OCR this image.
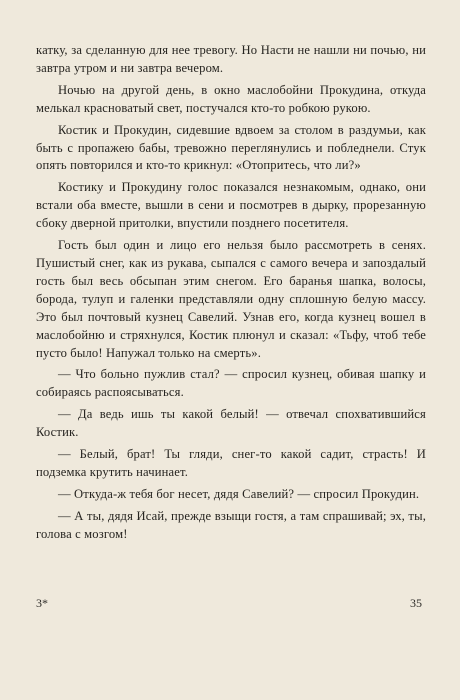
катку, за сделанную для нее тревогу. Но Насти не нашли ни почью, ни завтра утром и ни завтра вечером.

Ночью на другой день, в окно маслобойни Прокудина, откуда мелькал красноватый свет, постучался кто-то робкою рукою.

Костик и Прокудин, сидевшие вдвоем за столом в раздумьи, как быть с пропажею бабы, тревожно переглянулись и побледнели. Стук опять повторился и кто-то крикнул: «Отопритесь, что ли?»

Костику и Прокудину голос показался незнакомым, однако, они встали оба вместе, вышли в сени и посмотрев в дырку, прорезанную сбоку дверной притолки, впустили позднего посетителя.

Гость был один и лицо его нельзя было рассмотреть в сенях. Пушистый снег, как из рукава, сыпался с самого вечера и запоздалый гость был весь обсыпан этим снегом. Его баранья шапка, волосы, борода, тулуп и галенки представляли одну сплошную белую массу. Это был почтовый кузнец Савелий. Узнав его, когда кузнец вошел в маслобойню и стряхнулся, Костик плюнул и сказал: «Тьфу, чтоб тебе пусто было! Напужал только на смерть».

— Что больно пужлив стал? — спросил кузнец, обивая шапку и собираясь распоясываться.

— Да ведь ишь ты какой белый! — отвечал спохватившийся Костик.

— Белый, брат! Ты гляди, снег-то какой садит, страсть! И подземка крутить начинает.

— Откуда-ж тебя бог несет, дядя Савелий? — спросил Прокудин.

— А ты, дядя Исай, прежде взыщи гостя, а там спрашивай; эх, ты, голова с мозгом!

3*	35
